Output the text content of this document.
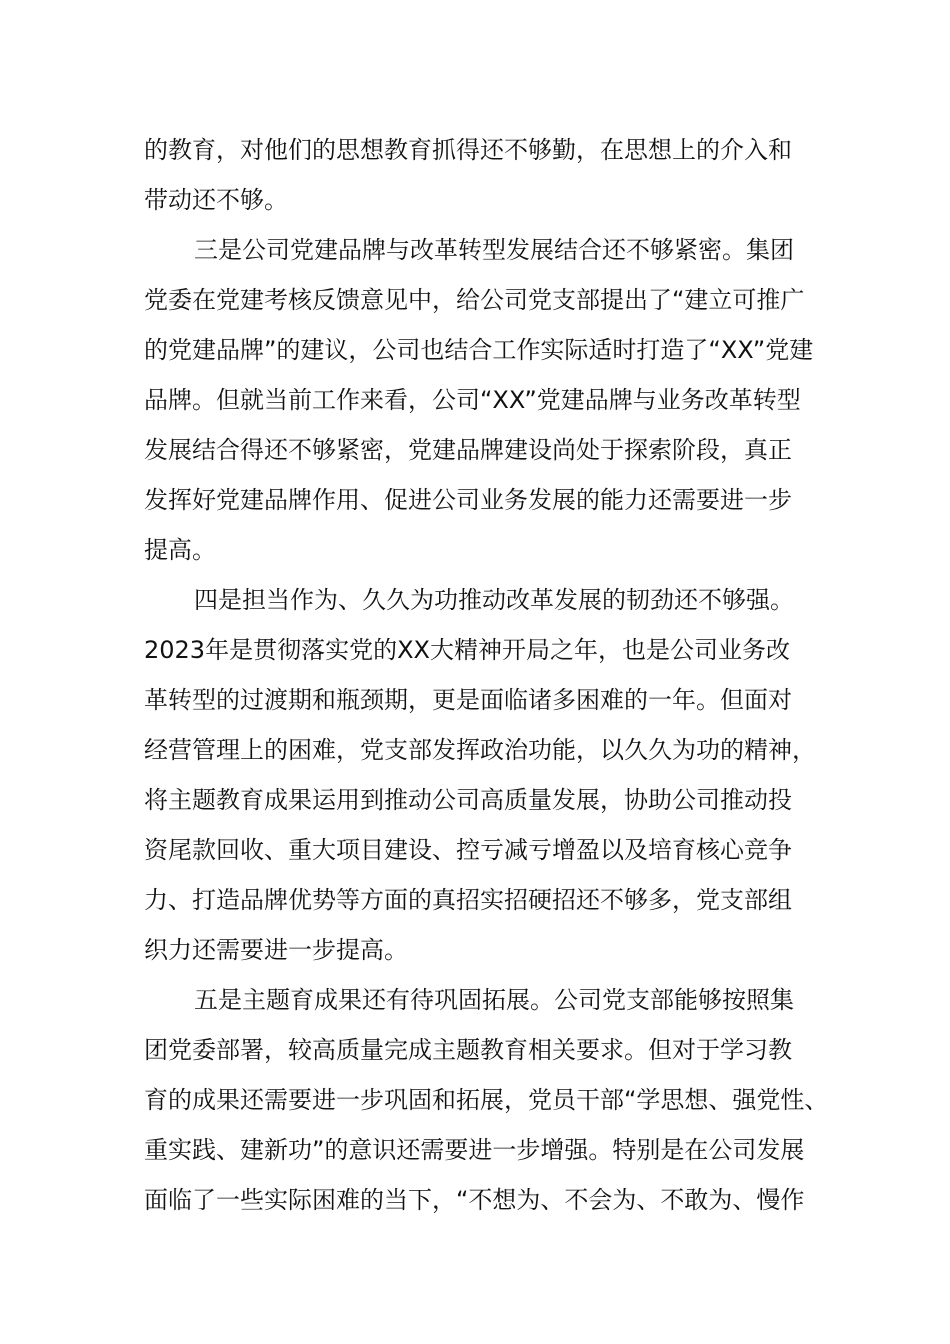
的教育，对他们的思想教育抓得还不够勤，在思想上的介入和
带动还不够。
三是公司党建品牌与改革转型发展结合还不够紧密。集团
党委在党建考核反馈意见中，给公司党支部提出了“建立可推广
的党建品牌”的建议，公司也结合工作实际适时打造了“XX”党建
品牌。但就当前工作来看，公司“XX”党建品牌与业务改革转型
发展结合得还不够紧密，党建品牌建设尚处于探索阶段，真正
发挥好党建品牌作用、促进公司业务发展的能力还需要进一步
提高。
四是担当作为、久久为功推动改革发展的韧劲还不够强。
2023年是贯彻落实党的XX大精神开局之年，也是公司业务改
革转型的过渡期和瓶颈期，更是面临诸多困难的一年。但面对
经营管理上的困难，党支部发挥政治功能，以久久为功的精神，
将主题教育成果运用到推动公司高质量发展，协助公司推动投
资尾款回收、重大项目建设、控亏减亏增盈以及培育核心竞争
力、打造品牌优势等方面的真招实招硬招还不够多，党支部组
织力还需要进一步提高。
五是主题育成果还有待巩固拓展。公司党支部能够按照集
团党委部署，较高质量完成主题教育相关要求。但对于学习教
育的成果还需要进一步巩固和拓展，党员干部“学思想、强党性、
重实践、建新功”的意识还需要进一步增强。特别是在公司发展
面临了一些实际困难的当下，“不想为、不会为、不敢为、慢作
